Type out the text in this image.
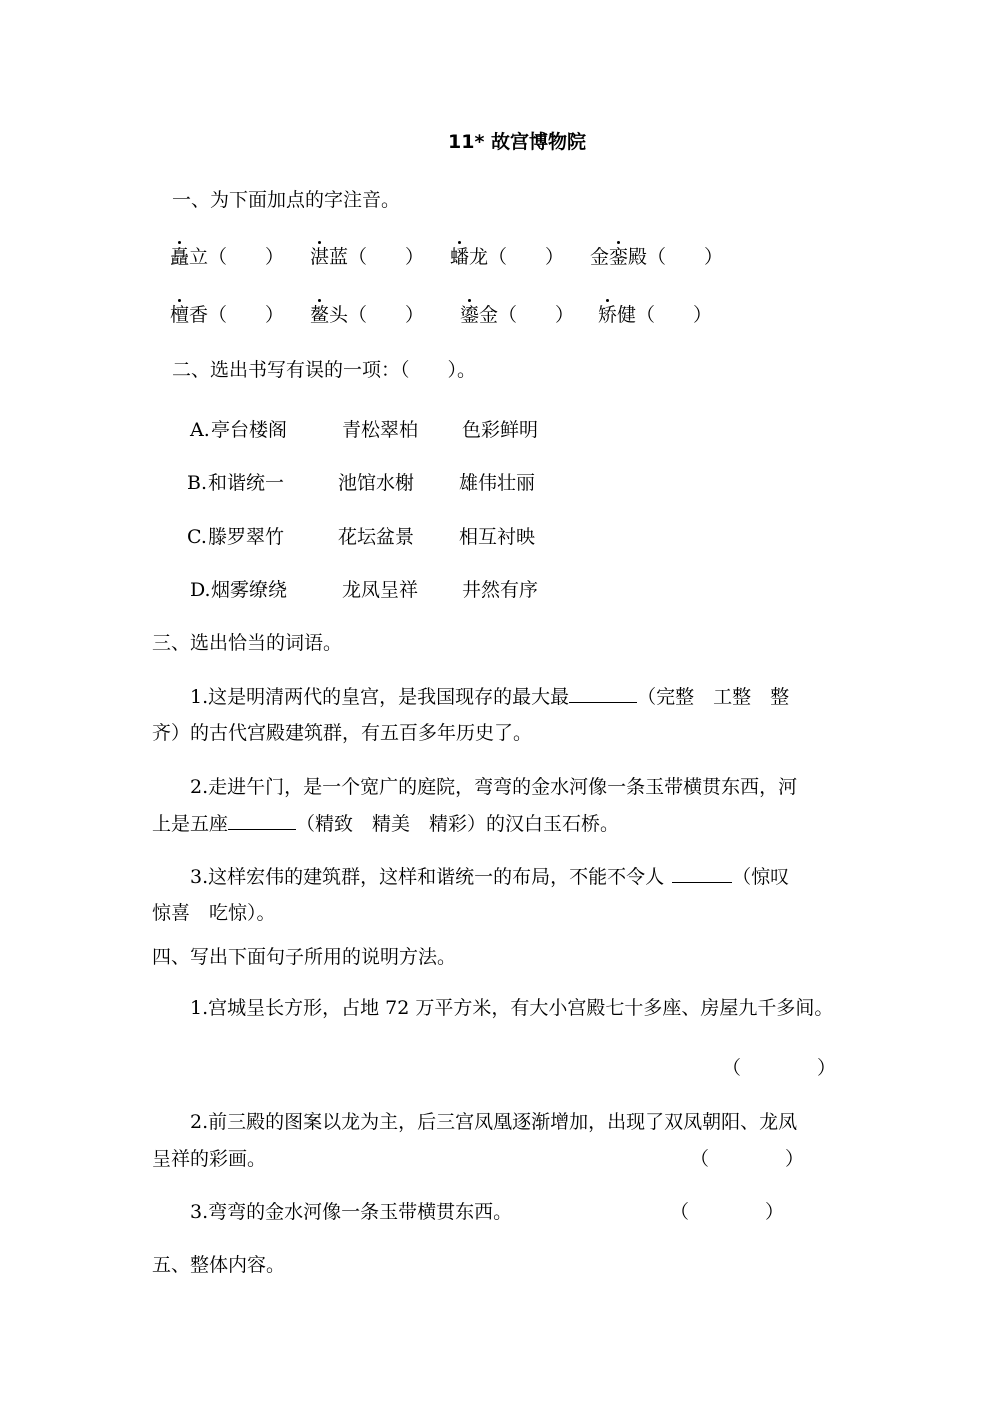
11* 故宫博物院
一、为下面加点的字注音。
矗立（　　） 湛蓝（　　） 蟠龙（　　） 金銮殿（　　）
檀香（　　） 鳌头（　　） 鎏金（　　） 矫健（　　）
二、选出书写有误的一项：（　　）。
A. 亭台楼阁	青松翠柏 色彩鲜明
B. 和谐统一	池馆水榭 雄伟壮丽
C. 滕罗翠竹	花坛盆景 相互衬映
D. 烟雾缭绕	龙凤呈祥 井然有序
三、选出恰当的词语。
1.这是明清两代的皇宫，是我国现存的最大最	（完整　工整　整
齐）的古代宫殿建筑群，有五百多年历史了。
2.走进午门，是一个宽广的庭院，弯弯的金水河像一条玉带横贯东西，河
上是五座	（精致　精美　精彩）的汉白玉石桥。
3.这样宏伟的建筑群，这样和谐统一的布局，不能不令人	（惊叹
惊喜　吃惊）。
四、写出下面句子所用的说明方法。
1.宫城呈长方形，占地 72 万平方米，有大小宫殿七十多座、房屋九千多间。
（　　　　）
2.前三殿的图案以龙为主，后三宫凤凰逐渐增加，出现了双凤朝阳、龙凤
呈祥的彩画。	（　　　　）
3.弯弯的金水河像一条玉带横贯东西。	（　　　　）
五、整体内容。
